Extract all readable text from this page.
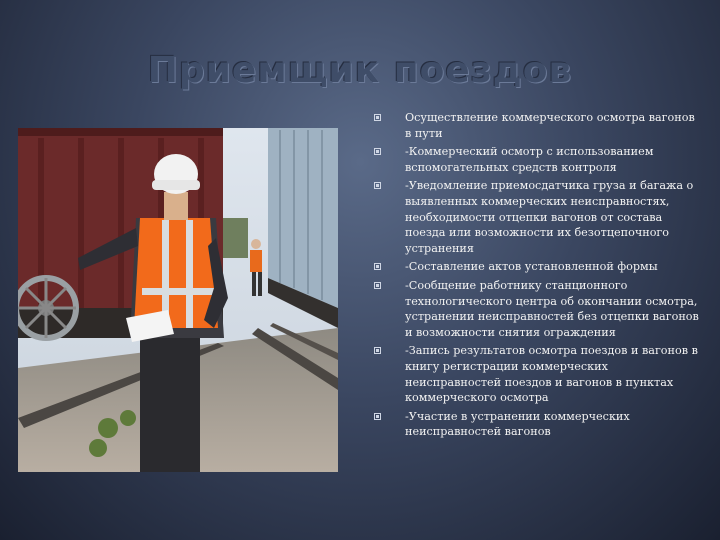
Приемщик поездов
Осуществление коммерческого осмотра вагонов в пути
-Коммерческий осмотр с использованием вспомогательных средств контроля
-Уведомление приемосдатчика груза и багажа о выявленных коммерческих неисправностях, необходимости отцепки вагонов от состава поезда или возможности их безотцепочного устранения
-Составление актов установленной формы
-Сообщение работнику станционного технологического центра об окончании осмотра, устранении неисправностей без отцепки вагонов и возможности снятия ограждения
-Запись результатов осмотра поездов и вагонов в книгу регистрации коммерческих неисправностей поездов и вагонов в пунктах коммерческого осмотра
-Участие в устранении коммерческих неисправностей вагонов
